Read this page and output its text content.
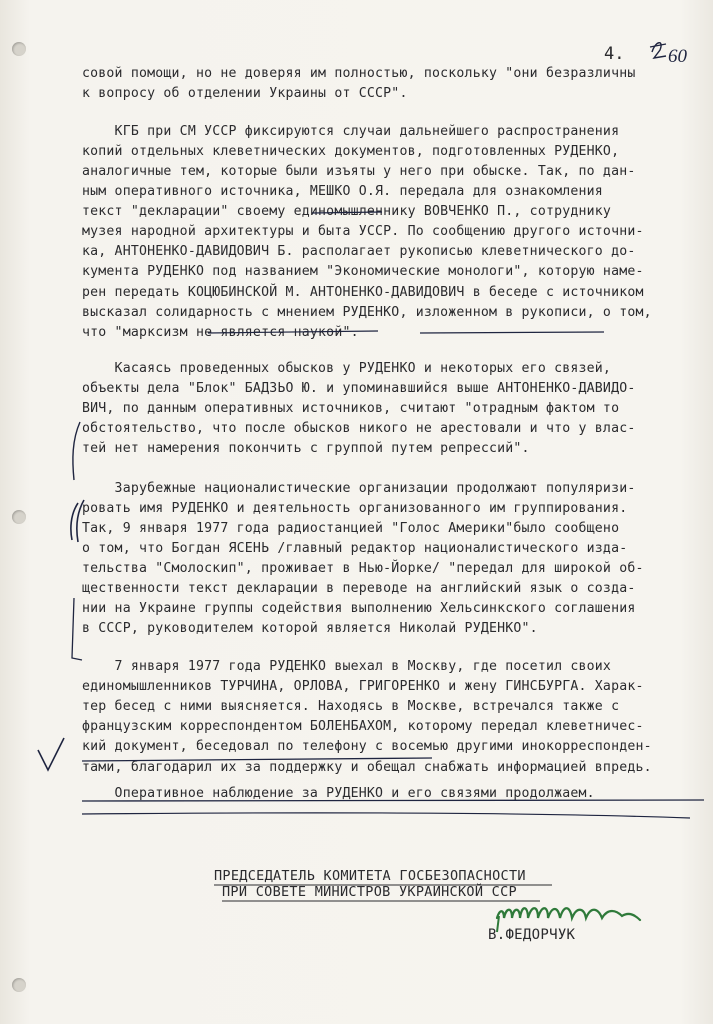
4. 60
совой помощи, но не доверяя им полностью, поскольку "они безразличны
к вопросу об отделении Украины от СССР".
КГБ при СМ УССР фиксируются случаи дальнейшего распространения
копий отдельных клеветнических документов, подготовленных РУДЕНКО,
аналогичные тем, которые были изъяты у него при обыске. Так, по дан-
ным оперативного источника, МЕШКО О.Я. передала для ознакомления
текст "декларации" своему единомышленнику ВОВЧЕНКО П., сотруднику
музея народной архитектуры и быта УССР. По сообщению другого источни-
ка, АНТОНЕНКО-ДАВИДОВИЧ Б. располагает рукописью клеветнического до-
кумента РУДЕНКО под названием "Экономические монологи", которую наме-
рен передать КОЦЮБИНСКОЙ М. АНТОНЕНКО-ДАВИДОВИЧ в беседе с источником
высказал солидарность с мнением РУДЕНКО, изложенном в рукописи, о том,
что "марксизм не является наукой".
Касаясь проведенных обысков у РУДЕНКО и некоторых его связей,
объекты дела "Блок" БАДЗЬО Ю. и упоминавшийся выше АНТОНЕНКО-ДАВИДО-
ВИЧ, по данным оперативных источников, считают "отрадным фактом то
обстоятельство, что после обысков никого не арестовали и что у влас-
тей нет намерения покончить с группой путем репрессий".
Зарубежные националистические организации продолжают популяризи-
ровать имя РУДЕНКО и деятельность организованного им группирования.
Так, 9 января 1977 года радиостанцией "Голос Америки"было сообщено
о том, что Богдан ЯСЕНЬ /главный редактор националистического изда-
тельства "Смолоскип", проживает в Нью-Йорке/ "передал для широкой об-
щественности текст декларации в переводе на английский язык о созда-
нии на Украине группы содействия выполнению Хельсинкского соглашения
в СССР, руководителем которой является Николай РУДЕНКО".
7 января 1977 года РУДЕНКО выехал в Москву, где посетил своих
единомышленников ТУРЧИНА, ОРЛОВА, ГРИГОРЕНКО и жену ГИНСБУРГА. Харак-
тер бесед с ними выясняется. Находясь в Москве, встречался также с
французским корреспондентом БОЛЕНБАХОМ, которому передал клеветничес-
кий документ, беседовал по телефону с восемью другими инокорреспонден-
тами, благодарил их за поддержку и обещал снабжать информацией впредь.
Оперативное наблюдение за РУДЕНКО и его связями продолжаем.
ПРЕДСЕДАТЕЛЬ КОМИТЕТА ГОСБЕЗОПАСНОСТИ
ПРИ СОВЕТЕ МИНИСТРОВ УКРАИНСКОЙ ССР
В.ФЕДОРЧУК
